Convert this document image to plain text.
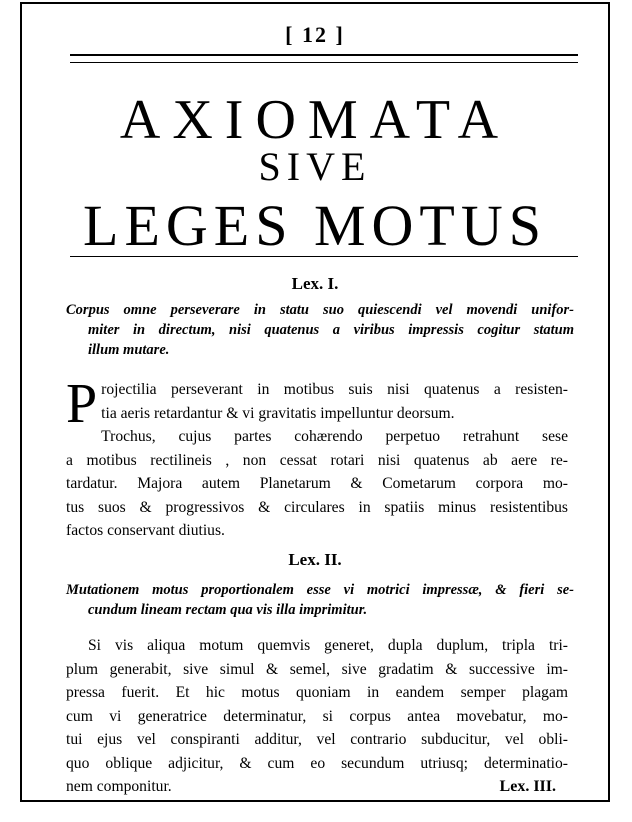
[ 12 ]
AXIOMATA
SIVE
LEGES MOTUS
Lex. I.
Corpus omne perseverare in statu suo quiescendi vel movendi unifor-
miter in directum, nisi quatenus a viribus impressis cogitur statum
illum mutare.
P rojectilia perseverant in motibus suis nisi quatenus a resisten-
tia aeris retardantur & vi gravitatis impelluntur deorsum.
Trochus, cujus partes cohærendo perpetuo retrahunt sese
a motibus rectilineis , non cessat rotari nisi quatenus ab aere re-
tardatur. Majora autem Planetarum & Cometarum corpora mo-
tus suos & progressivos & circulares in spatiis minus resistentibus
factos conservant diutius.
Lex. II.
Mutationem motus proportionalem esse vi motrici impressæ, & fieri se-
cundum lineam rectam qua vis illa imprimitur.
Si vis aliqua motum quemvis generet, dupla duplum, tripla tri-
plum generabit, sive simul & semel, sive gradatim & successive im-
pressa fuerit. Et hic motus quoniam in eandem semper plagam
cum vi generatrice determinatur, si corpus antea movebatur, mo-
tui ejus vel conspiranti additur, vel contrario subducitur, vel obli-
quo oblique adjicitur, & cum eo secundum utriusq; determinatio-
nem componitur.	Lex. III.
